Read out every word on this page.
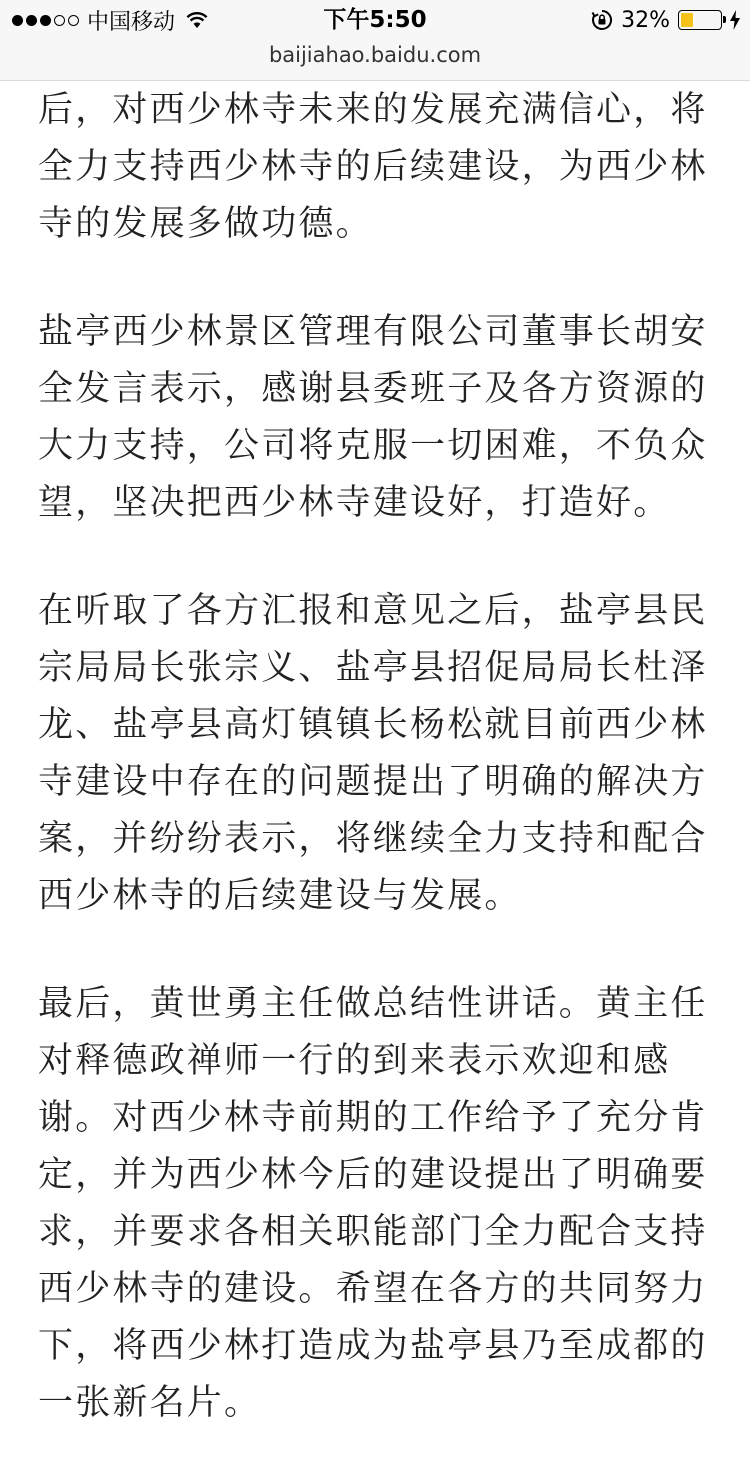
中国移动	下午5:50	32%
baijiahao.baidu.com

后，对西少林寺未来的发展充满信心，将全力支持西少林寺的后续建设，为西少林寺的发展多做功德。

盐亭西少林景区管理有限公司董事长胡安全发言表示，感谢县委班子及各方资源的大力支持，公司将克服一切困难，不负众望，坚决把西少林寺建设好，打造好。

在听取了各方汇报和意见之后，盐亭县民宗局局长张宗义、盐亭县招促局局长杜泽龙、盐亭县高灯镇镇长杨松就目前西少林寺建设中存在的问题提出了明确的解决方案，并纷纷表示，将继续全力支持和配合西少林寺的后续建设与发展。

最后，黄世勇主任做总结性讲话。黄主任对释德政禅师一行的到来表示欢迎和感谢。对西少林寺前期的工作给予了充分肯定，并为西少林今后的建设提出了明确要求，并要求各相关职能部门全力配合支持西少林寺的建设。希望在各方的共同努力下，将西少林打造成为盐亭县乃至成都的一张新名片。
